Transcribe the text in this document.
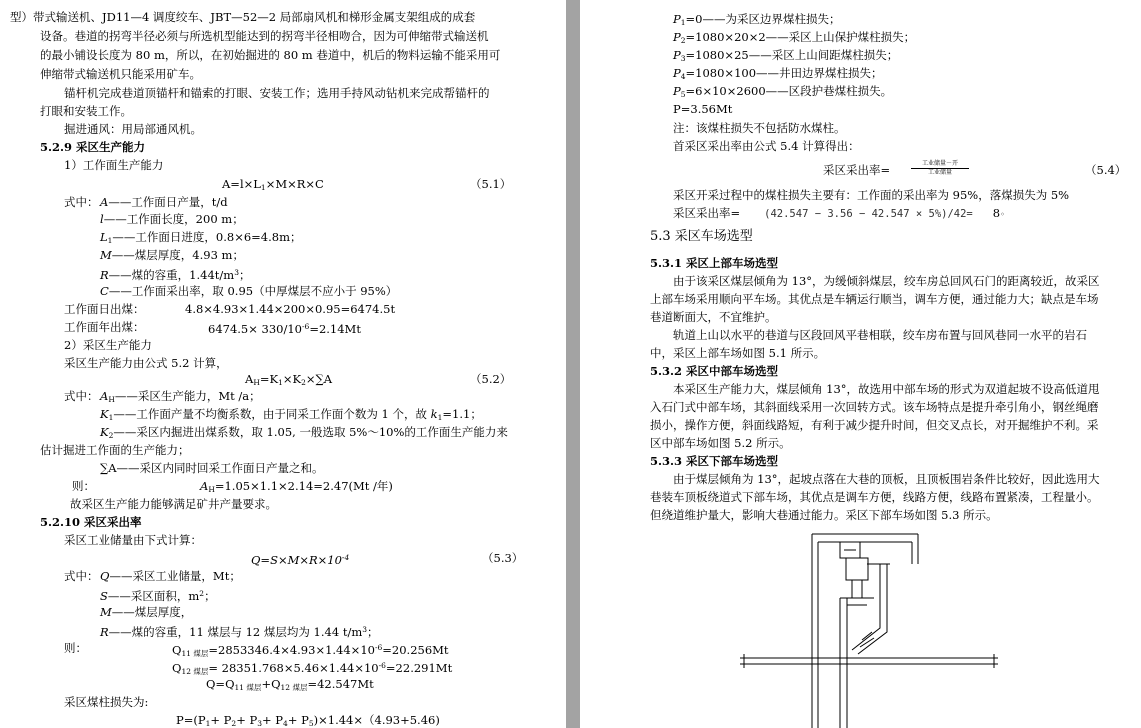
型）带式输送机、JD11—4 调度绞车、JBT—52—2 局部扇风机和梯形金属支架组成的成套
设备。巷道的拐弯半径必须与所选机型能达到的拐弯半径相吻合，因为可伸缩带式输送机
的最小铺设长度为 80 m，所以，在初始掘进的 80 m 巷道中，机后的物料运输不能采用可
伸缩带式输送机只能采用矿车。
锚杆机完成巷道顶锚杆和锚索的打眼、安装工作；选用手持风动钻机来完成帮锚杆的
打眼和安装工作。
掘进通风：用局部通风机。
5.2.9 采区生产能力
1）工作面生产能力
$A=l\times L_1\times M\times R\times C$	（5.1）
式中： A——工作面日产量，t/d
l——工作面长度，200 m；
$L_1——$工作面日进度，0.8×6=4.8m；
M——煤层厚度，4.93 m；
R——煤的容重，$1.44t/m^3$；
C——工作面采出率，取 0.95（中厚煤层不应小于 95%）
工作面日出煤：	4.8×4.93×1.44×200×0.95=6474.5t
工作面年出煤：	$6474.5\times 330/10^{-6}=2.14Mt$
2）采区生产能力
采区生产能力由公式 5.2 计算，
$A_H=K_1\times K_2\times\sum A$	（5.2）
式中： $A_H——$采区生产能力，Mt /a；
$K_1——$工作面产量不均衡系数，由于同采工作面个数为 1 个，故 $k_1=1.1$；
$K_2——$采区内掘进出煤系数，取 1.05, 一般选取 5%～10%的工作面生产能力来
估计掘进工作面的生产能力；
∑A——采区内同时回采工作面日产量之和。
则：	$A_H=1.05\times 1.1\times 2.14=2.47(Mt$ /年)
故采区生产能力能够满足矿井产量要求。
5.2.10 采区采出率
采区工业储量由下式计算：
$Q=S\times M\times R\times 10^{-4}$	（5.3）
式中： Q——采区工业储量，Mt；
S——采区面积，$m^2$；
M——煤层厚度，
R——煤的容重，11 煤层与 12 煤层均为 1.44 $t/m^3$；
则：	$Q_{11 煤层}=2853346.4\times 4.93\times 1.44\times 10^{-6}=20.256Mt$
$Q_{12 煤层}= 28351.768\times 5.46\times 1.44\times 10^{-6}=22.291Mt$
$Q=Q_{11 煤层}+Q_{12 煤层}=42.547Mt$
采区煤柱损失为:
$P=(P_1+ P_2+ P_3+ P_4+ P_5)\times 1.44\times(4.93+5.46)$
$P_1=0——$为采区边界煤柱损失；
$P_2=1080\times 20\times 2——$采区上山保护煤柱损失；
$P_3=1080\times 25——$采区上山间距煤柱损失；
$P_4=1080\times 100——$井田边界煤柱损失；
$P_5=6\times 10\times 2600——$区段护巷煤柱损失。
P=3.56Mt
注：该煤柱损失不包括防水煤柱。
首采区采出率由公式 5.4 计算得出：
采区采出率=	工业储量－开
工业储量	（5.4）
采区开采过程中的煤柱损失主要有：工作面的采出率为 95%，落煤损失为 5%
采区采出率= (42.547 − 3.56 − 42.547 × 5%)/42= 8◦
5.3 采区车场选型
5.3.1 采区上部车场选型
由于该采区煤层倾角为 13°，为缓倾斜煤层，绞车房总回风石门的距离较近，故采区
上部车场采用顺向平车场。其优点是车辆运行顺当，调车方便，通过能力大；缺点是车场
巷道断面大，不宜维护。
轨道上山以水平的巷道与区段回风平巷相联，绞车房布置与回风巷同一水平的岩石
中，采区上部车场如图 5.1 所示。
5.3.2 采区中部车场选型
本采区生产能力大，煤层倾角 13°，故选用中部车场的形式为双道起坡不设高低道甩
入石门式中部车场，其斜面线采用一次回转方式。该车场特点是提升牵引角小，钢丝绳磨
损小，操作方便，斜面线路短，有利于减少提升时间，但交叉点长，对开掘维护不利。采
区中部车场如图 5.2 所示。
5.3.3 采区下部车场选型
由于煤层倾角为 13°，起坡点落在大巷的顶板，且顶板围岩条件比较好，因此选用大
巷装车顶板绕道式下部车场，其优点是调车方便，线路方便，线路布置紧凑，工程量小。
但绕道维护量大，影响大巷通过能力。采区下部车场如图 5.3 所示。
